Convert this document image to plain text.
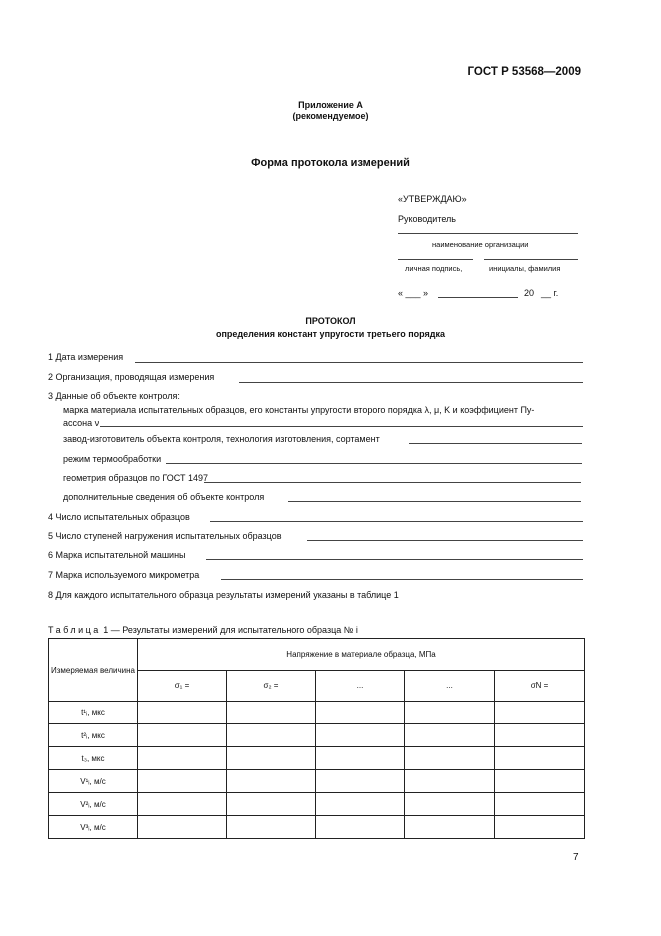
ГОСТ Р 53568—2009
Приложение А
(рекомендуемое)
Форма протокола измерений
«УТВЕРЖДАЮ»
Руководитель
наименование организации
личная подпись,	инициалы, фамилия
« ___ »	20 __ г.
ПРОТОКОЛ
определения констант упругости третьего порядка
1 Дата измерения
2 Организация, проводящая измерения
3 Данные об объекте контроля:
марка материала испытательных образцов, его константы упругости второго порядка λ, μ, K и коэффициент Пу-
ассона ν
завод-изготовитель объекта контроля, технология изготовления, сортамент
режим термообработки
геометрия образцов по ГОСТ 1497
дополнительные сведения об объекте контроля
4 Число испытательных образцов
5 Число ступеней нагружения испытательных образцов
6 Марка испытательной машины
7 Марка используемого микрометра
8 Для каждого испытательного образца результаты измерений указаны в таблице 1
Таблица 1 — Результаты измерений для испытательного образца № i
Измеряемая величина	Напряжение в материале образца, МПа				
	σ₁ =	σ₂ =	...	...	σN =
t¹ᵢ, мкс					
t²ᵢ, мкс					
t₃, мкс					
V¹ᵢ, м/с					
V²ᵢ, м/с					
V³ᵢ, м/с					
7
